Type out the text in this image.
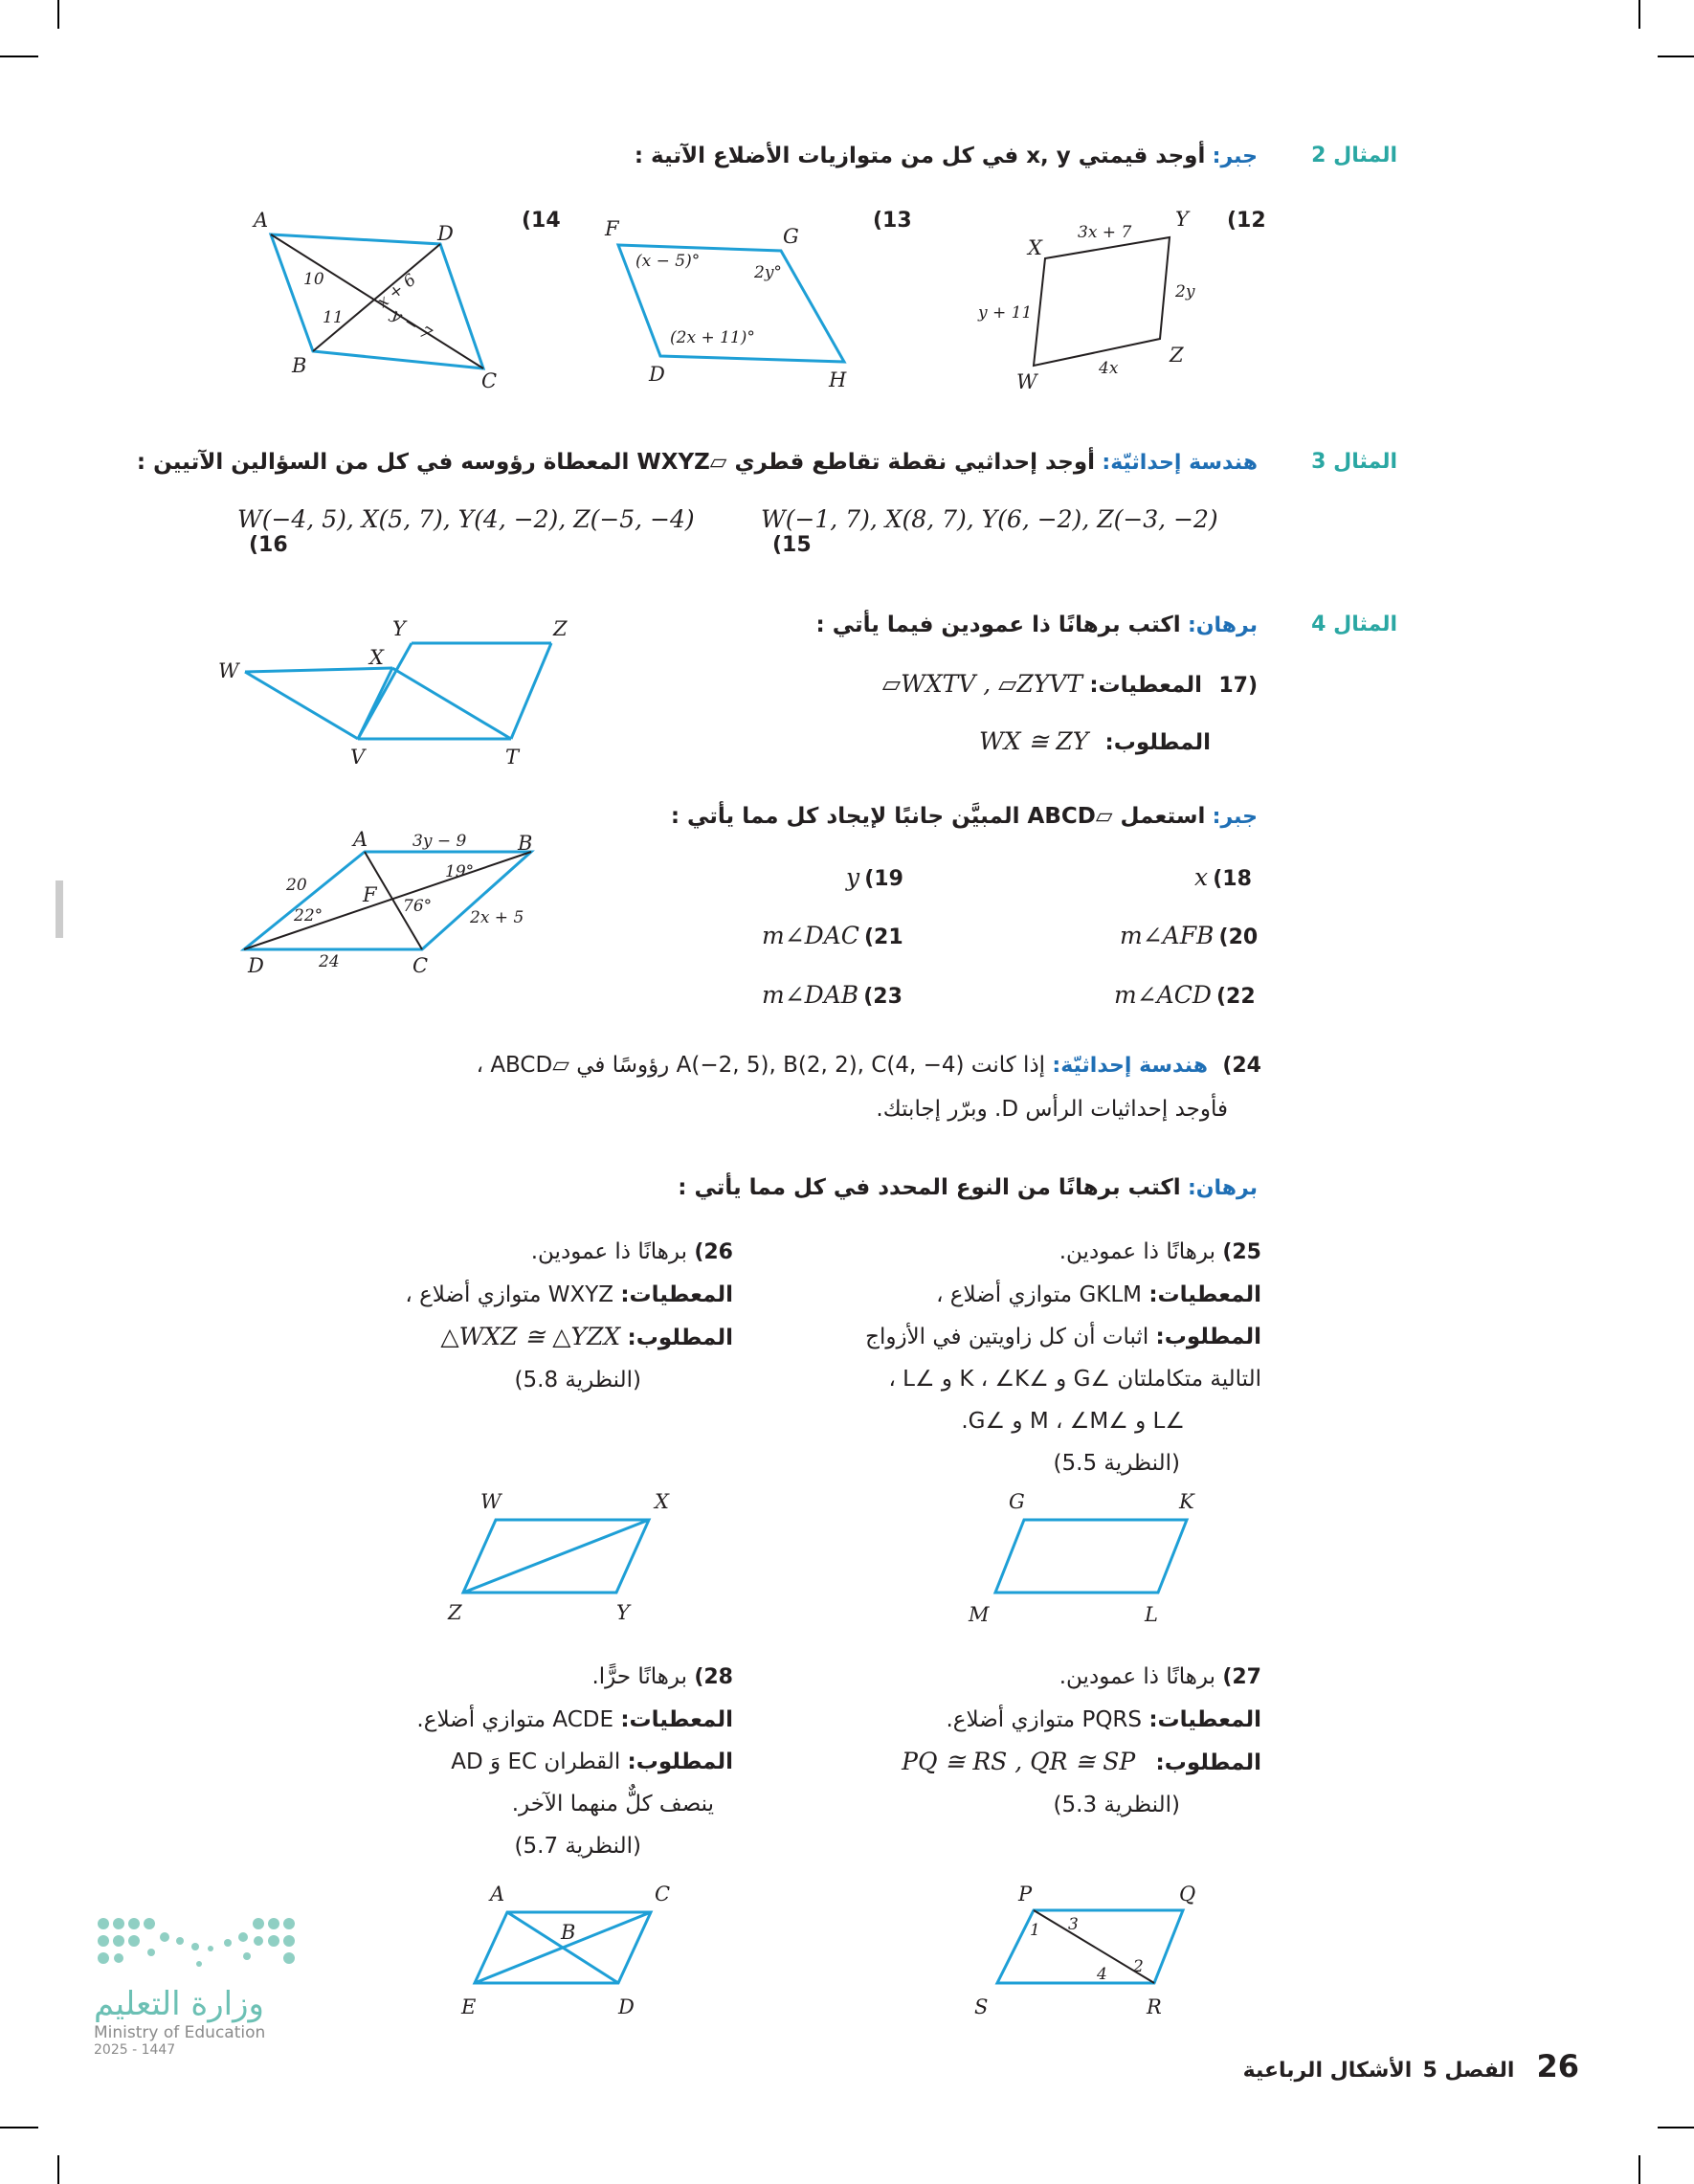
المثال 2
جبر: أوجد قيمتي x, y في كل من متوازيات الأضلاع الآتية :
(12
(13
(14
X
Y
Z
W
3x + 7
2y
4x
y + 11
F	G
D	H
(x − 5)°
2y°
(2x + 11)°
A
D
B
C
10
11
x + 6
y − 7
المثال 3
هندسة إحداثيّة: أوجد إحداثيي نقطة تقاطع قطري ▱WXYZ المعطاة رؤوسه في كل من السؤالين الآتيين :
W(−1, 7), X(8, 7), Y(6, −2), Z(−3, −2) (15
W(−4, 5), X(5, 7), Y(4, −2), Z(−5, −4) (16
المثال 4
برهان: اكتب برهانًا ذا عمودين فيما يأتي :
(17 المعطيات: ▱WXTV , ▱ZYVT
المطلوب: WX ≅ ZY
W
Y	Z
X
V	T
جبر: استعمل ▱ABCD المبيَّن جانبًا لإيجاد كل مما يأتي :
x (18
y (19
m∠AFB (20
m∠DAC (21
m∠ACD (22
m∠DAB (23
A	B
C
D
F
3y − 9
20
22°
19°
76°
2x + 5
24
24) هندسة إحداثيّة: إذا كانت A(−2, 5), B(2, 2), C(4, −4) رؤوسًا في ▱ABCD ،
فأوجد إحداثيات الرأس D. وبرّر إجابتك.
برهان: اكتب برهانًا من النوع المحدد في كل مما يأتي :
25) برهانًا ذا عمودين.
المعطيات: GKLM متوازي أضلاع ،
المطلوب: اثبات أن كل زاويتين في الأزواج
التالية متكاملتان ∠G و ∠K ، ∠K و ∠L ،
∠L و ∠M ، ∠M و ∠G.
(النظرية 5.5)
G	K
M	L
26) برهانًا ذا عمودين.
المعطيات: WXYZ متوازي أضلاع ،
المطلوب: △WXZ ≅ △YZX
(النظرية 5.8)
W	X
Z	Y
27) برهانًا ذا عمودين.
المعطيات: PQRS متوازي أضلاع.
المطلوب: PQ ≅ RS , QR ≅ SP
(النظرية 5.3)
P	Q
S	R
1 3
4 2
28) برهانًا حرًّا.
المعطيات: ACDE متوازي أضلاع.
المطلوب: القطران EC وَ AD
ينصف كلٌّ منهما الآخر.
(النظرية 5.7)
A	C
B
E	D
وزارة التعليم
Ministry of Education
2025 - 1447	26 الفصل 5 الأشكال الرباعية
